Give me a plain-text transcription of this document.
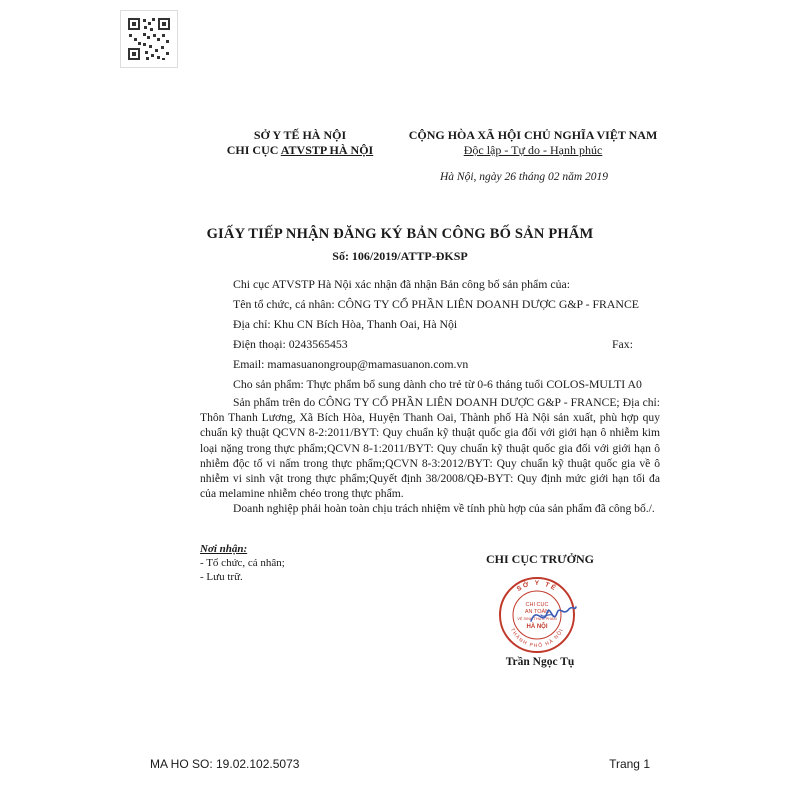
SỞ Y TẾ HÀ NỘI
CHI CỤC ATVSTP HÀ NỘI
CỘNG HÒA XÃ HỘI CHỦ NGHĨA VIỆT NAM
Độc lập - Tự do - Hạnh phúc
Hà Nội, ngày 26 tháng 02 năm 2019
GIẤY TIẾP NHẬN ĐĂNG KÝ BẢN CÔNG BỐ SẢN PHẨM
Số: 106/2019/ATTP-ĐKSP
Chi cục ATVSTP Hà Nội xác nhận đã nhận Bản công bố sản phẩm của:
Tên tổ chức, cá nhân: CÔNG TY CỔ PHẦN LIÊN DOANH DƯỢC G&P - FRANCE
Địa chỉ: Khu CN Bích Hòa, Thanh Oai, Hà Nội
Điện thoại: 0243565453	Fax:
Email: mamasuanongroup@mamasuanon.com.vn
Cho sản phẩm: Thực phẩm bổ sung dành cho trẻ từ 0-6 tháng tuổi COLOS-MULTI A0
Sản phẩm trên do CÔNG TY CỔ PHẦN LIÊN DOANH DƯỢC G&P - FRANCE; Địa chỉ: Thôn Thanh Lương, Xã Bích Hòa, Huyện Thanh Oai, Thành phố Hà Nội sản xuất, phù hợp quy chuẩn kỹ thuật QCVN 8-2:2011/BYT: Quy chuẩn kỹ thuật quốc gia đối với giới hạn ô nhiễm kim loại nặng trong thực phẩm;QCVN 8-1:2011/BYT: Quy chuẩn kỹ thuật quốc gia đối với giới hạn ô nhiễm độc tố vi nấm trong thực phẩm;QCVN 8-3:2012/BYT: Quy chuẩn kỹ thuật quốc gia về ô nhiễm vi sinh vật trong thực phẩm;Quyết định 38/2008/QĐ-BYT: Quy định mức giới hạn tối đa của melamine nhiễm chéo trong thực phẩm.
Doanh nghiệp phải hoàn toàn chịu trách nhiệm về tính phù hợp của sản phẩm đã công bố./.
Nơi nhận:
- Tổ chức, cá nhân;
- Lưu trữ.
CHI CỤC TRƯỞNG
SỞ Y TẾ
THÀNH PHỐ HÀ NỘI
CHI CỤC
AN TOÀN
VỆ SINH THỰC PHẨM
HÀ NỘI
Trần Ngọc Tụ
MA HO SO: 19.02.102.5073	Trang 1
